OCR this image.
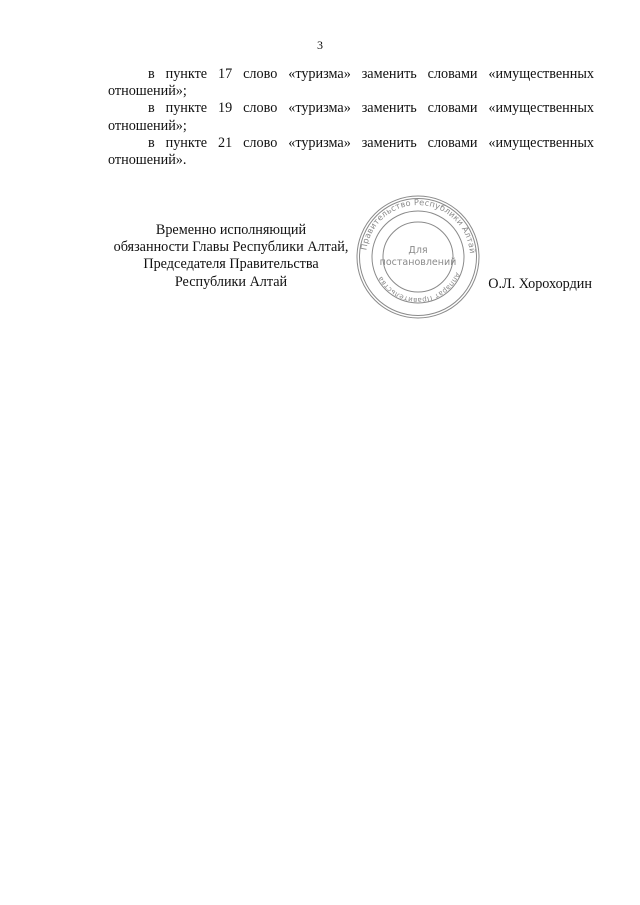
3

в пункте 17 слово «туризма» заменить словами «имущественных отношений»;

в пункте 19 слово «туризма» заменить словами «имущественных отношений»;

в пункте 21 слово «туризма» заменить словами «имущественных отношений».

Временно исполняющий
обязанности Главы Республики Алтай,
Председателя Правительства
Республики Алтай
Правительство Республики Алтай
Аппарат Правительства
Для
постановлений
О.Л. Хорохордин
